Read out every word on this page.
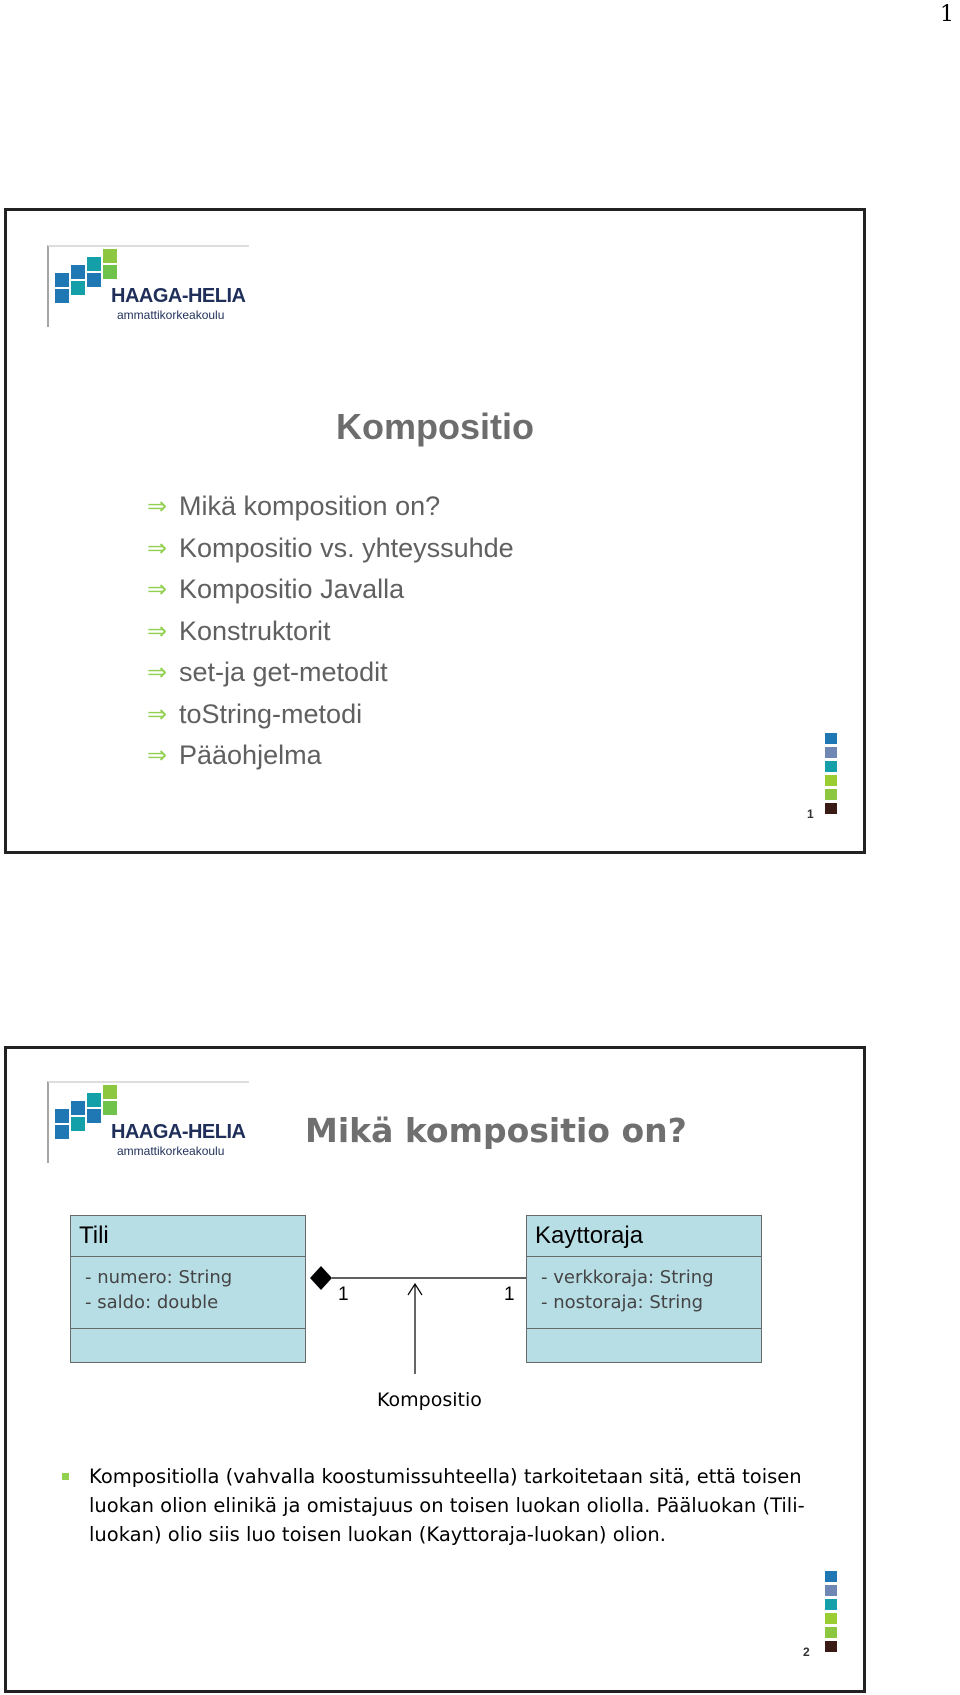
1
HAAGA-HELIA
ammattikorkeakoulu
Kompositio
⇒ Mikä komposition on?
⇒ Kompositio vs. yhteyssuhde
⇒ Kompositio Javalla
⇒ Konstruktorit
⇒ set-ja get-metodit
⇒ toString-metodi
⇒ Pääohjelma
1
HAAGA-HELIA
ammattikorkeakoulu
Mikä kompositio on?
Tili
- numero: String
- saldo: double
Kayttoraja
- verkkoraja: String
- nostoraja: String
1	1
Kompositio

Kompositiolla (vahvalla koostumissuhteella) tarkoitetaan sitä, että toisen luokan olion elinikä ja omistajuus on toisen luokan oliolla. Pääluokan (Tili-luokan) olio siis luo toisen luokan (Kayttoraja-luokan) olion.

2
